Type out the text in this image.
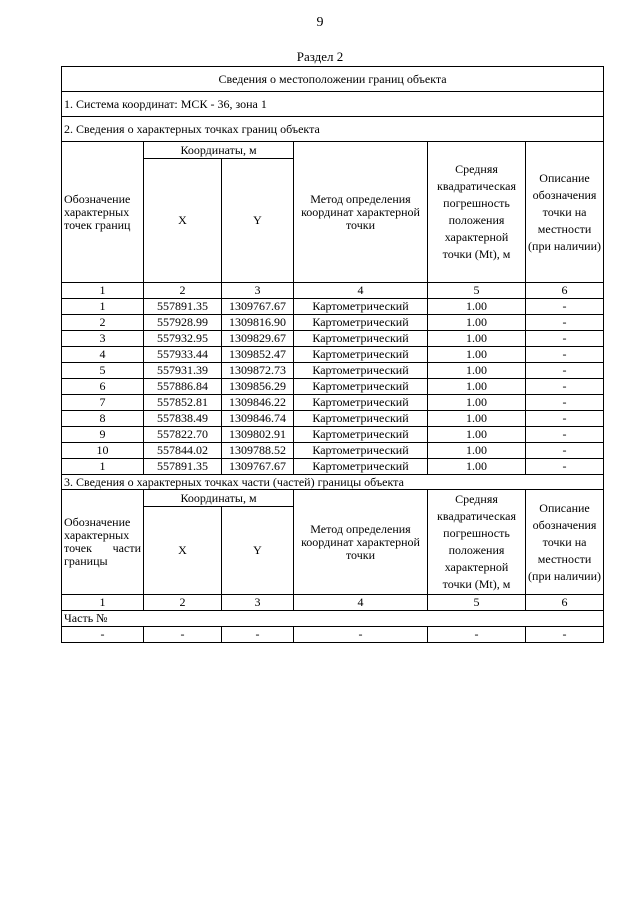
9
Раздел 2
Сведения о местоположении границ объекта					
1. Система координат: МСК - 36, зона 1					
2. Сведения о характерных точках границ объекта					
Обозначение характерных точек границ	Координаты, м		Метод определения координат характерной точки	Средняя квадратическая погрешность положения характерной точки (Mt), м	Описание обозначения точки на местности (при наличии)
	X	Y			
1	2	3	4	5	6
1	557891.35	1309767.67	Картометрический	1.00	-
2	557928.99	1309816.90	Картометрический	1.00	-
3	557932.95	1309829.67	Картометрический	1.00	-
4	557933.44	1309852.47	Картометрический	1.00	-
5	557931.39	1309872.73	Картометрический	1.00	-
6	557886.84	1309856.29	Картометрический	1.00	-
7	557852.81	1309846.22	Картометрический	1.00	-
8	557838.49	1309846.74	Картометрический	1.00	-
9	557822.70	1309802.91	Картометрический	1.00	-
10	557844.02	1309788.52	Картометрический	1.00	-
1	557891.35	1309767.67	Картометрический	1.00	-
3. Сведения о характерных точках части (частей) границы объекта					

Обозначение
характерных
точек части
границы	Координаты, м		Метод определения координат характерной точки	Средняя квадратическая погрешность положения характерной точки (Mt), м	Описание обозначения точки на местности (при наличии)
	X	Y			
1	2	3	4	5	6
Часть №					
-	-	-	-	-	-
